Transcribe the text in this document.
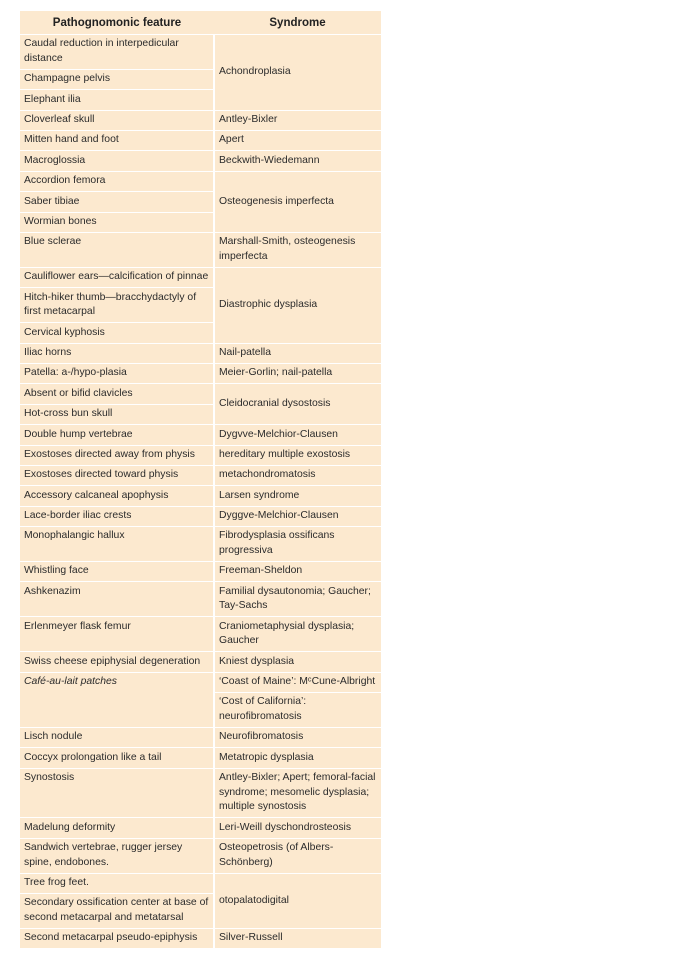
Pathognomonic feature	Syndrome
Caudal reduction in interpedicular distance	Achondroplasia
Champagne pelvis	
Elephant ilia	
Cloverleaf skull	Antley-Bixler
Mitten hand and foot	Apert
Macroglossia	Beckwith-Wiedemann
Accordion femora	Osteogenesis imperfecta
Saber tibiae	
Wormian bones	
Blue sclerae	Marshall-Smith, osteogenesis imperfecta
Cauliflower ears—calcification of pinnae	Diastrophic dysplasia
Hitch-hiker thumb—bracchydactyly of first metacarpal	
Cervical kyphosis	
Iliac horns	Nail-patella
Patella: a-/hypo-plasia	Meier-Gorlin; nail-patella
Absent or bifid clavicles	Cleidocranial dysostosis
Hot-cross bun skull	
Double hump vertebrae	Dygvve-Melchior-Clausen
Exostoses directed away from physis	hereditary multiple exostosis
Exostoses directed toward physis	metachondromatosis
Accessory calcaneal apophysis	Larsen syndrome
Lace-border iliac crests	Dyggve-Melchior-Clausen
Monophalangic hallux	Fibrodysplasia ossificans progressiva
Whistling face	Freeman-Sheldon
Ashkenazim	Familial dysautonomia; Gaucher; Tay-Sachs
Erlenmeyer flask femur	Craniometaphysial dysplasia; Gaucher
Swiss cheese epiphysial degeneration	Kniest dysplasia
Café-au-lait patches	‘Coast of Maine’: MᶜCune-Albright
	‘Cost of California’: neurofibromatosis
Lisch nodule	Neurofibromatosis
Coccyx prolongation like a tail	Metatropic dysplasia
Synostosis	Antley-Bixler; Apert; femoral-facial syndrome; mesomelic dysplasia; multiple synostosis
Madelung deformity	Leri-Weill dyschondrosteosis
Sandwich vertebrae, rugger jersey spine, endobones.	Osteopetrosis (of Albers-Schönberg)
Tree frog feet.	otopalatodigital
Secondary ossification center at base of second metacarpal and metatarsal	
Second metacarpal pseudo-epiphysis	Silver-Russell
